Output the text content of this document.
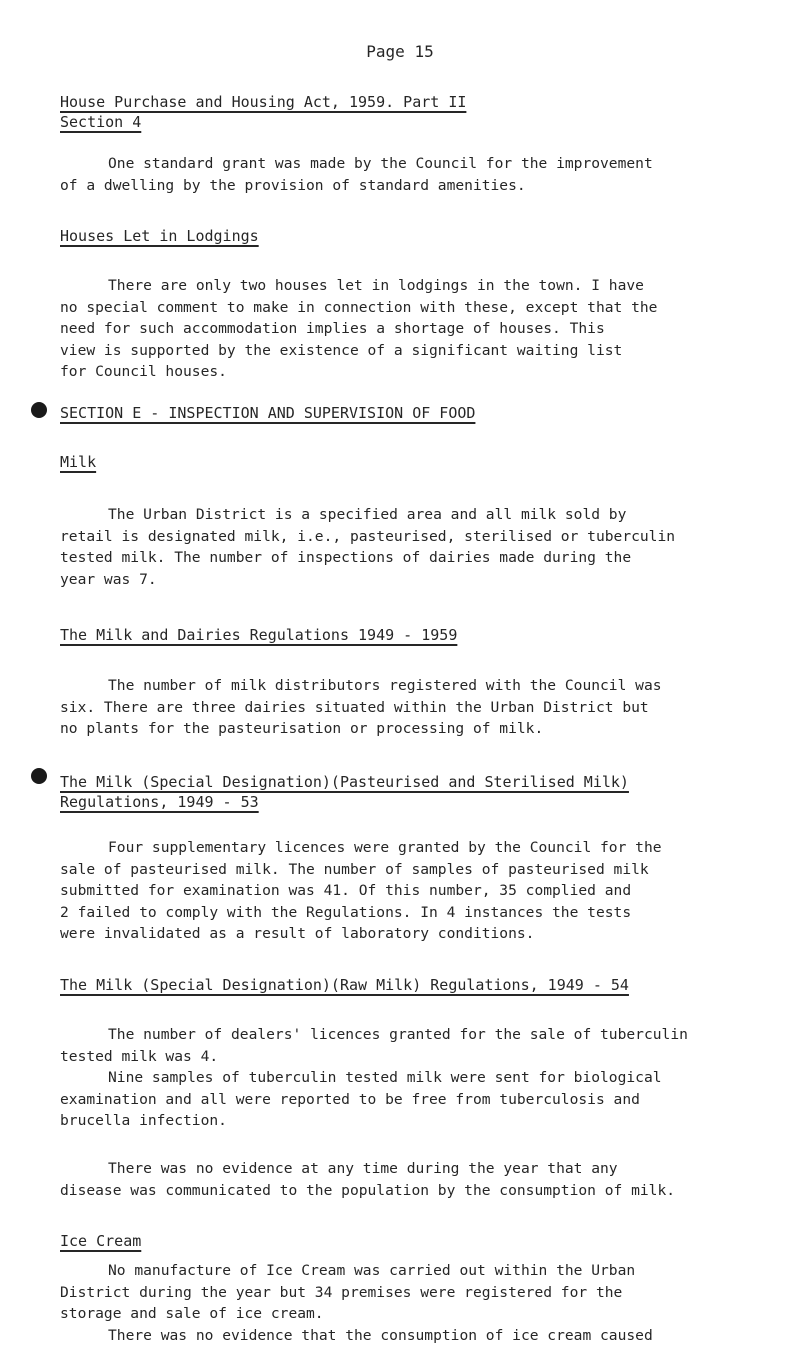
Page 15
House Purchase and Housing Act, 1959. Part II
Section 4

One standard grant was made by the Council for the improvement
of a dwelling by the provision of standard amenities.

Houses Let in Lodgings

There are only two houses let in lodgings in the town. I have
no special comment to make in connection with these, except that the
need for such accommodation implies a shortage of houses. This
view is supported by the existence of a significant waiting list
for Council houses.

SECTION E - INSPECTION AND SUPERVISION OF FOOD
Milk

The Urban District is a specified area and all milk sold by
retail is designated milk, i.e., pasteurised, sterilised or tuberculin
tested milk. The number of inspections of dairies made during the
year was 7.

The Milk and Dairies Regulations 1949 - 1959

The number of milk distributors registered with the Council was
six. There are three dairies situated within the Urban District but
no plants for the pasteurisation or processing of milk.

The Milk (Special Designation)(Pasteurised and Sterilised Milk)
Regulations, 1949 - 53

Four supplementary licences were granted by the Council for the
sale of pasteurised milk. The number of samples of pasteurised milk
submitted for examination was 41. Of this number, 35 complied and
2 failed to comply with the Regulations. In 4 instances the tests
were invalidated as a result of laboratory conditions.

The Milk (Special Designation)(Raw Milk) Regulations, 1949 - 54

The number of dealers' licences granted for the sale of tuberculin
tested milk was 4.
Nine samples of tuberculin tested milk were sent for biological
examination and all were reported to be free from tuberculosis and
brucella infection.

There was no evidence at any time during the year that any
disease was communicated to the population by the consumption of milk.

Ice Cream

No manufacture of Ice Cream was carried out within the Urban
District during the year but 34 premises were registered for the
storage and sale of ice cream.
There was no evidence that the consumption of ice cream caused
